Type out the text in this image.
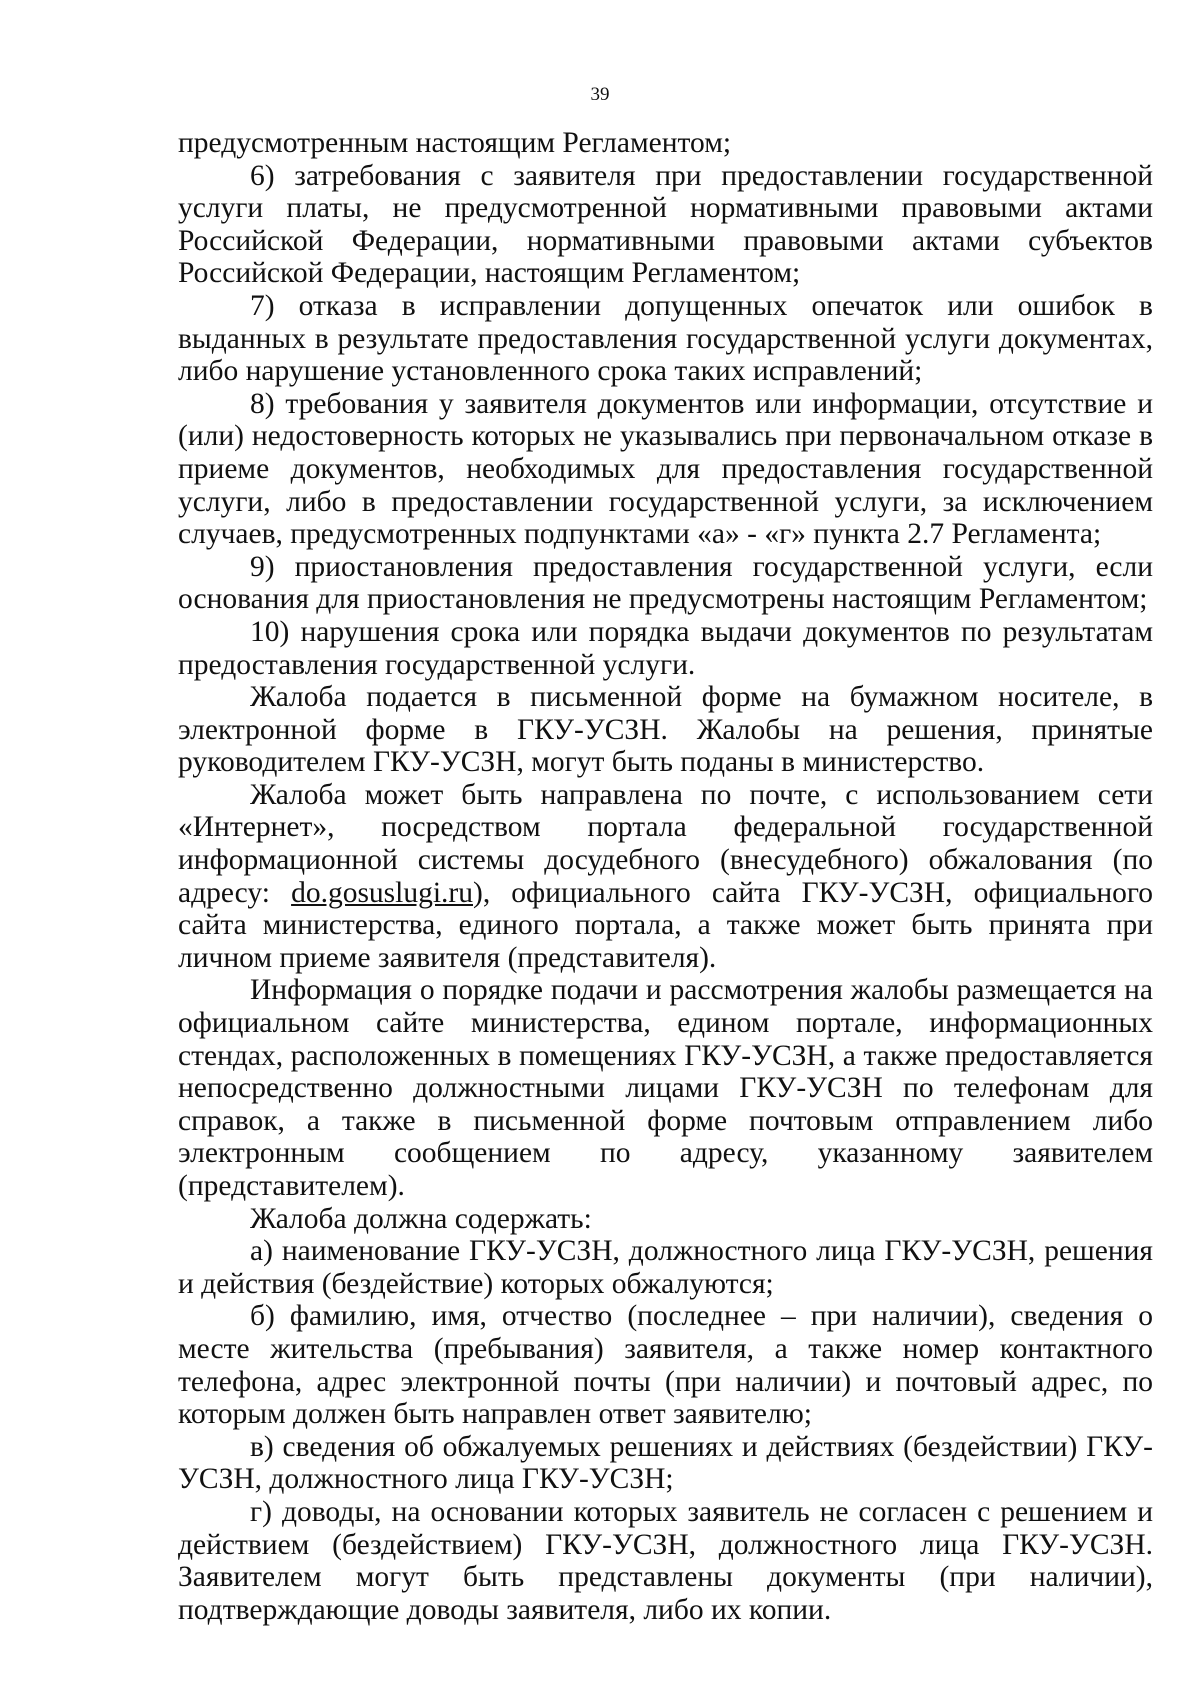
39

предусмотренным настоящим Регламентом;

6) затребования с заявителя при предоставлении государственной услуги платы, не предусмотренной нормативными правовыми актами Российской Федерации, нормативными правовыми актами субъектов Российской Федерации, настоящим Регламентом;

7) отказа в исправлении допущенных опечаток или ошибок в выданных в результате предоставления государственной услуги документах, либо нарушение установленного срока таких исправлений;

8) требования у заявителя документов или информации, отсутствие и (или) недостоверность которых не указывались при первоначальном отказе в приеме документов, необходимых для предоставления государственной услуги, либо в предоставлении государственной услуги, за исключением случаев, предусмотренных подпунктами «а» - «г» пункта 2.7 Регламента;

9) приостановления предоставления государственной услуги, если основания для приостановления не предусмотрены настоящим Регламентом;

10) нарушения срока или порядка выдачи документов по результатам предоставления государственной услуги.

Жалоба подается в письменной форме на бумажном носителе, в электронной форме в ГКУ-УСЗН. Жалобы на решения, принятые руководителем ГКУ-УСЗН, могут быть поданы в министерство.

Жалоба может быть направлена по почте, с использованием сети «Интернет», посредством портала федеральной государственной информационной системы досудебного (внесудебного) обжалования (по адресу: do.gosuslugi.ru), официального сайта ГКУ-УСЗН, официального сайта министерства, единого портала, а также может быть принята при личном приеме заявителя (представителя).

Информация о порядке подачи и рассмотрения жалобы размещается на официальном сайте министерства, едином портале, информационных стендах, расположенных в помещениях ГКУ-УСЗН, а также предоставляется непосредственно должностными лицами ГКУ-УСЗН по телефонам для справок, а также в письменной форме почтовым отправлением либо электронным сообщением по адресу, указанному заявителем (представителем).

Жалоба должна содержать:

а) наименование ГКУ-УСЗН, должностного лица ГКУ-УСЗН, решения и действия (бездействие) которых обжалуются;

б) фамилию, имя, отчество (последнее – при наличии), сведения о месте жительства (пребывания) заявителя, а также номер контактного телефона, адрес электронной почты (при наличии) и почтовый адрес, по которым должен быть направлен ответ заявителю;

в) сведения об обжалуемых решениях и действиях (бездействии) ГКУ-УСЗН, должностного лица ГКУ-УСЗН;

г) доводы, на основании которых заявитель не согласен с решением и действием (бездействием) ГКУ-УСЗН, должностного лица ГКУ-УСЗН. Заявителем могут быть представлены документы (при наличии), подтверждающие доводы заявителя, либо их копии.
